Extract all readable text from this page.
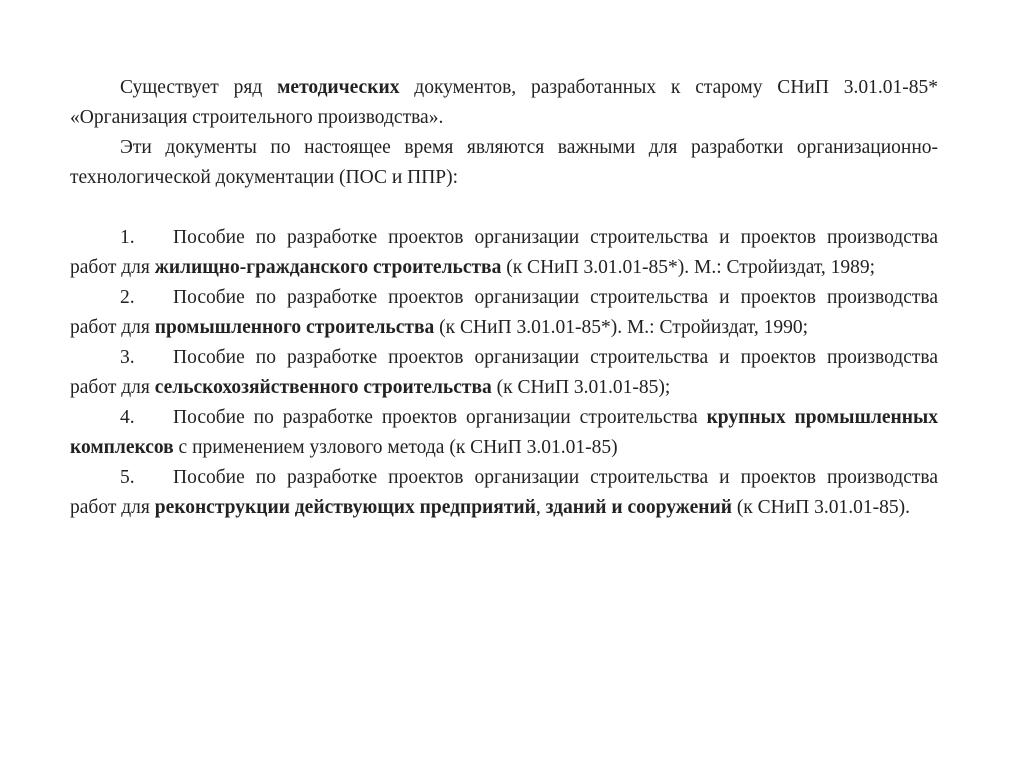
Существует ряд методических документов, разработанных к старому СНиП 3.01.01-85* «Организация строительного производства».

Эти документы по настоящее время являются важными для разработки организационно-технологической документации (ПОС и ППР):

1. Пособие по разработке проектов организации строительства и проектов производства работ для жилищно-гражданского строительства (к СНиП 3.01.01-85*). М.: Стройиздат, 1989;

2. Пособие по разработке проектов организации строительства и проектов производства работ для промышленного строительства (к СНиП 3.01.01-85*). М.: Стройиздат, 1990;

3. Пособие по разработке проектов организации строительства и проектов производства работ для сельскохозяйственного строительства (к СНиП 3.01.01-85);

4. Пособие по разработке проектов организации строительства крупных промышленных комплексов с применением узлового метода (к СНиП 3.01.01-85)

5. Пособие по разработке проектов организации строительства и проектов производства работ для реконструкции действующих предприятий, зданий и сооружений (к СНиП 3.01.01-85).
